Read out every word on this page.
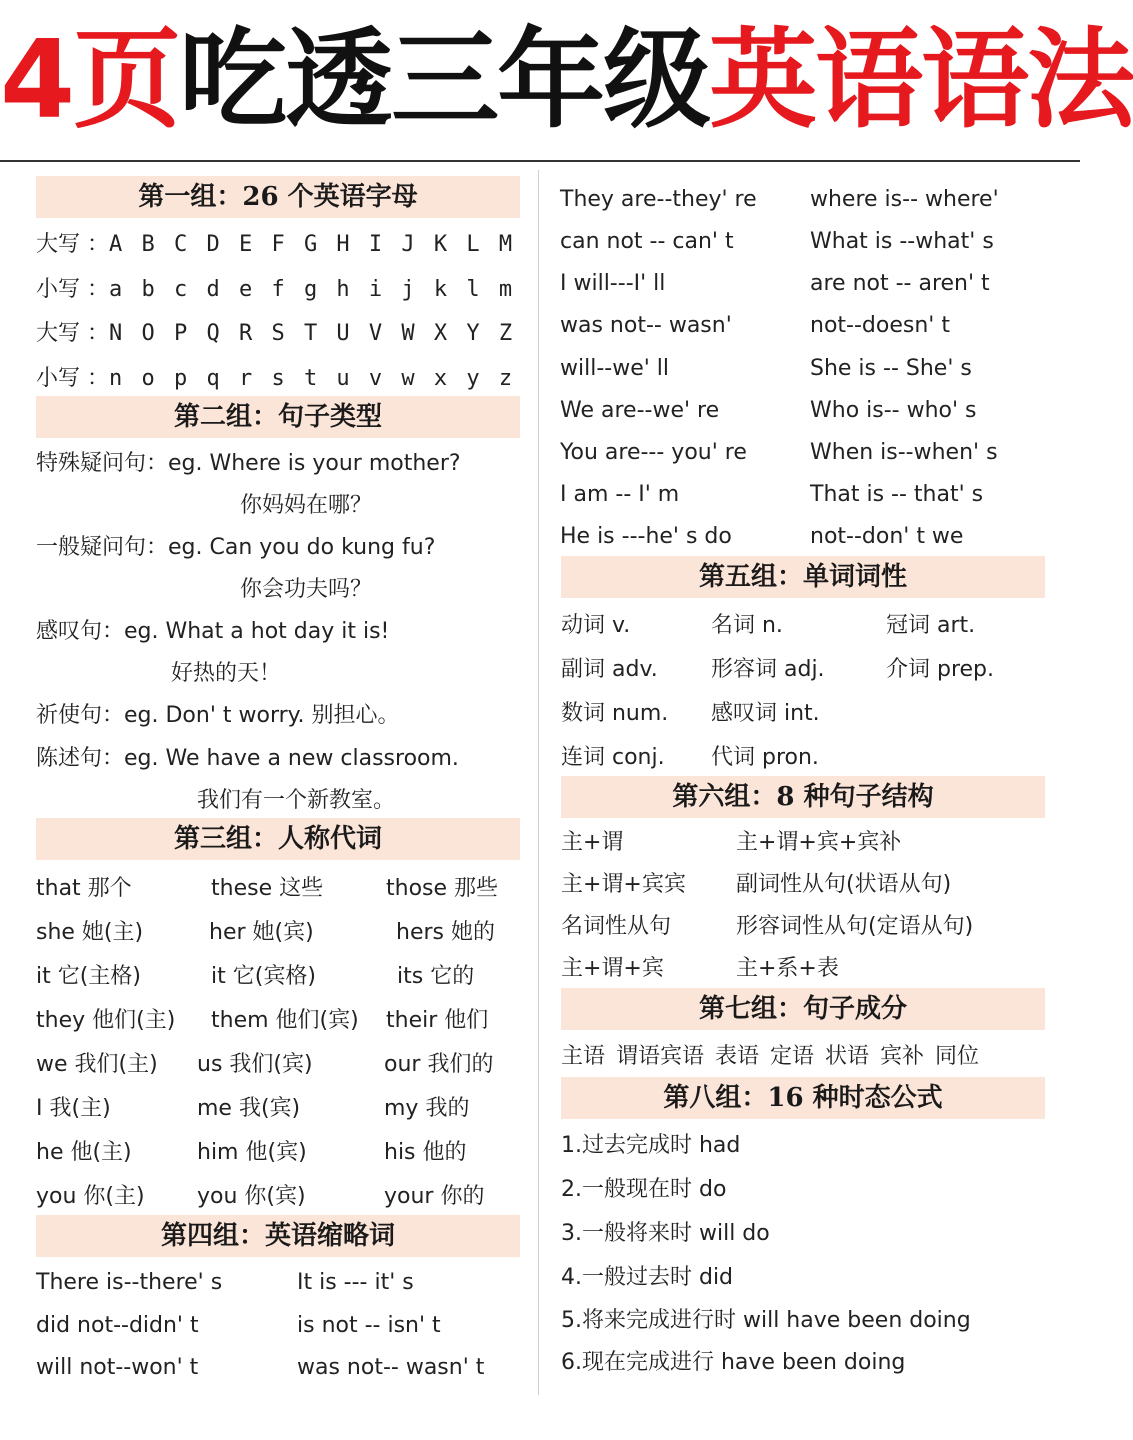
4页吃透三年级英语语法
第一组：26 个英语字母
大写 ：A B C D E F G H I J K L M
小写 ：a b c d e f g h i j k l m
大写 ：N O P Q R S T U V W X Y Z
小写 ：n o p q r s t u v w x y z
第二组：句子类型
特殊疑问句：eg. Where is your mother?
你妈妈在哪？
一般疑问句：eg. Can you do kung fu?
你会功夫吗？
感叹句：eg. What a hot day it is!
好热的天！
祈使句：eg. Don' t worry. 别担心。
陈述句：eg. We have a new classroom.
我们有一个新教室。
第三组：人称代词
that 那个	these 这些	those 那些
she 她(主)	her 她(宾)	hers 她的
it 它(主格)	it 它(宾格)	its 它的
they 他们(主) them 他们(宾) their 他们
we 我们(主) us 我们(宾)	our 我们的
I 我(主)	me 我(宾)	my 我的
he 他(主)	him 他(宾)	his 他的
you 你(主) you 你(宾)	your 你的
第四组：英语缩略词
There is--there' s	It is --- it' s
did not--didn' t	is not -- isn' t
will not--won' t	was not-- wasn' t
They are--they' re where is-- where'
can not -- can' t	What is --what' s
I will---I' ll	are not -- aren' t
was not-- wasn'	not--doesn' t
will--we' ll	She is -- She' s
We are--we' re	Who is-- who' s
You are--- you' re	When is--when' s
I am -- I' m	That is -- that' s
He is ---he' s do	not--don' t we
第五组：单词词性
动词 v.	名词 n.	冠词 art.
副词 adv. 形容词 adj.	介词 prep.
数词 num. 感叹词 int.
连词 conj. 代词 pron.
第六组：8 种句子结构
主+谓	主+谓+宾+宾补
主+谓+宾宾 副词性从句(状语从句)
名词性从句	形容词性从句(定语从句)
主+谓+宾	主+系+表
第七组：句子成分
主语 谓语宾语 表语 定语 状语 宾补 同位
第八组：16 种时态公式
1.过去完成时 had
2.一般现在时 do
3.一般将来时 will do
4.一般过去时 did
5.将来完成进行时 will have been doing
6.现在完成进行 have been doing
